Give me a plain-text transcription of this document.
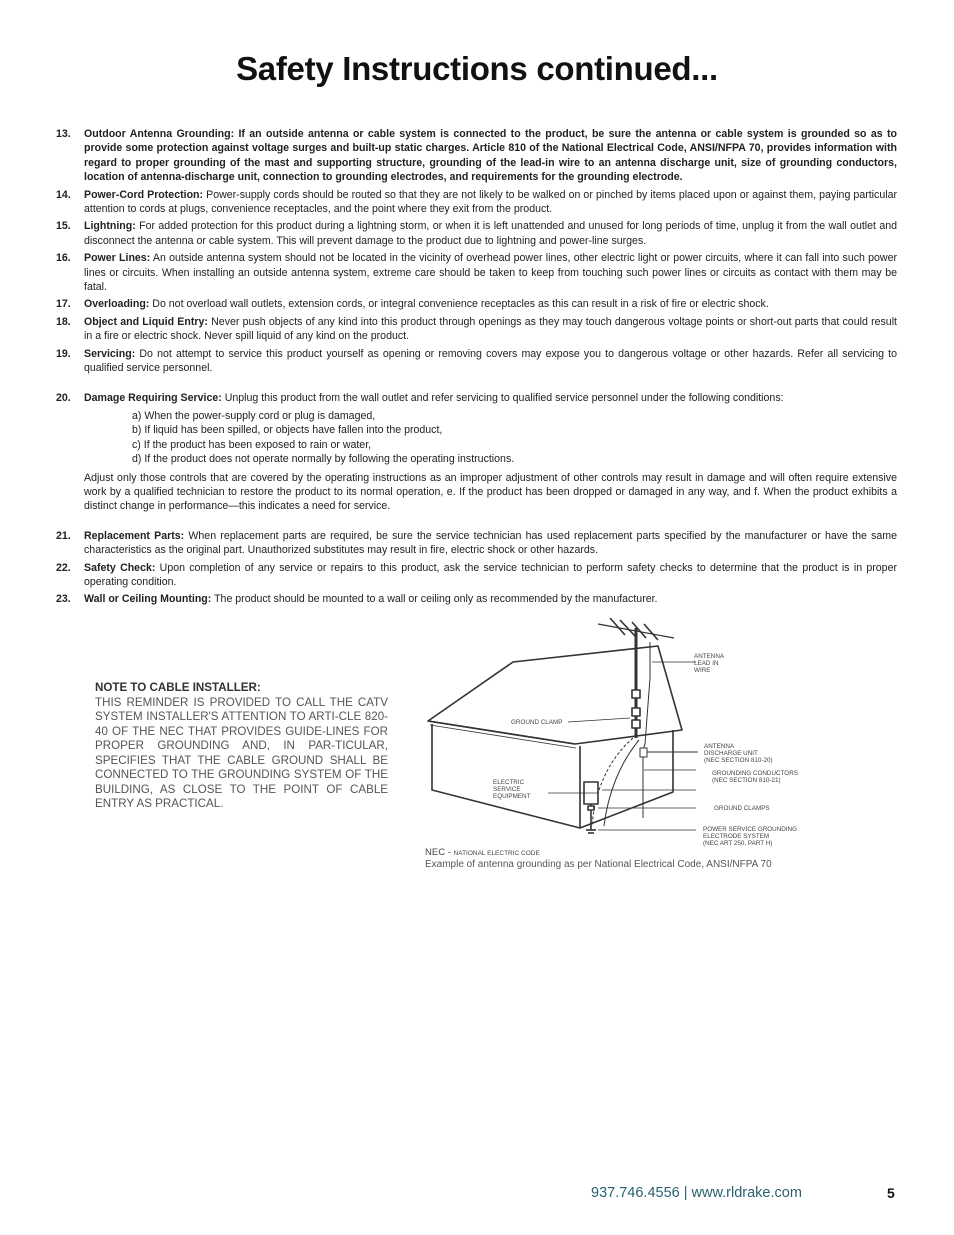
Safety Instructions continued...
13.	Outdoor Antenna Grounding: If an outside antenna or cable system is connected to the product, be sure the antenna or cable system is grounded so as to provide some protection against voltage surges and built-up static charges. Article 810 of the National Electrical Code, ANSI/NFPA 70, provides information with regard to proper grounding of the mast and supporting structure, grounding of the lead-in wire to an antenna discharge unit, size of grounding conductors, location of antenna-discharge unit, connection to grounding electrodes, and requirements for the grounding electrode.
14.	Power-Cord Protection: Power-supply cords should be routed so that they are not likely to be walked on or pinched by items placed upon or against them, paying particular attention to cords at plugs, convenience receptacles, and the point where they exit from the product.
15.	Lightning: For added protection for this product during a lightning storm, or when it is left unattended and unused for long periods of time, unplug it from the wall outlet and disconnect the antenna or cable system. This will prevent damage to the product due to lightning and power-line surges.
16.	Power Lines: An outside antenna system should not be located in the vicinity of overhead power lines, other electric light or power circuits, where it can fall into such power lines or circuits. When installing an outside antenna system, extreme care should be taken to keep from touching such power lines or circuits as contact with them may be fatal.
17.	Overloading: Do not overload wall outlets, extension cords, or integral convenience receptacles as this can result in a risk of fire or electric shock.
18.	Object and Liquid Entry: Never push objects of any kind into this product through openings as they may touch dangerous voltage points or short-out parts that could result in a fire or electric shock. Never spill liquid of any kind on the product.
19.	Servicing: Do not attempt to service this product yourself as opening or removing covers may expose you to dangerous voltage or other hazards. Refer all servicing to qualified service personnel.
20.	Damage Requiring Service: Unplug this product from the wall outlet and refer servicing to qualified service personnel under the following conditions:
a) When the power-supply cord or plug is damaged,
b) If liquid has been spilled, or objects have fallen into the product,
c) If the product has been exposed to rain or water,
d) If the product does not operate normally by following the operating instructions.
Adjust only those controls that are covered by the operating instructions as an improper adjustment of other controls may result in damage and will often require extensive work by a qualified technician to restore the product to its normal operation, e. If the product has been dropped or damaged in any way, and f. When the product exhibits a distinct change in performance—this indicates a need for service.
21.	Replacement Parts: When replacement parts are required, be sure the service technician has used replacement parts specified by the manufacturer or have the same characteristics as the original part. Unauthorized substitutes may result in fire, electric shock or other hazards.
22.	Safety Check: Upon completion of any service or repairs to this product, ask the service technician to perform safety checks to determine that the product is in proper operating condition.
23.	Wall or Ceiling Mounting: The product should be mounted to a wall or ceiling only as recommended by the manufacturer.
NOTE TO CABLE INSTALLER:
THIS REMINDER IS PROVIDED TO CALL THE CATV SYSTEM INSTALLER'S ATTENTION TO ARTI-CLE 820-40 OF THE NEC THAT PROVIDES GUIDE-LINES FOR PROPER GROUNDING AND, IN PAR-TICULAR, SPECIFIES THAT THE CABLE GROUND SHALL BE CONNECTED TO THE GROUNDING SYSTEM OF THE BUILDING, AS CLOSE TO THE POINT OF CABLE ENTRY AS PRACTICAL.
ANTENNA
LEAD IN
WIRE
GROUND CLAMP
ANTENNA
DISCHARGE UNIT
(NEC SECTION 810-20)
GROUNDING CONDUCTORS
(NEC SECTION 810-21)
ELECTRIC
SERVICE
EQUIPMENT
GROUND CLAMPS
POWER SERVICE GROUNDING
ELECTRODE SYSTEM
(NEC ART 250, PART H)
NEC - NATIONAL ELECTRIC CODE
Example of antenna grounding as per National Electrical Code, ANSI/NFPA 70
937.746.4556 | www.rldrake.com	5
